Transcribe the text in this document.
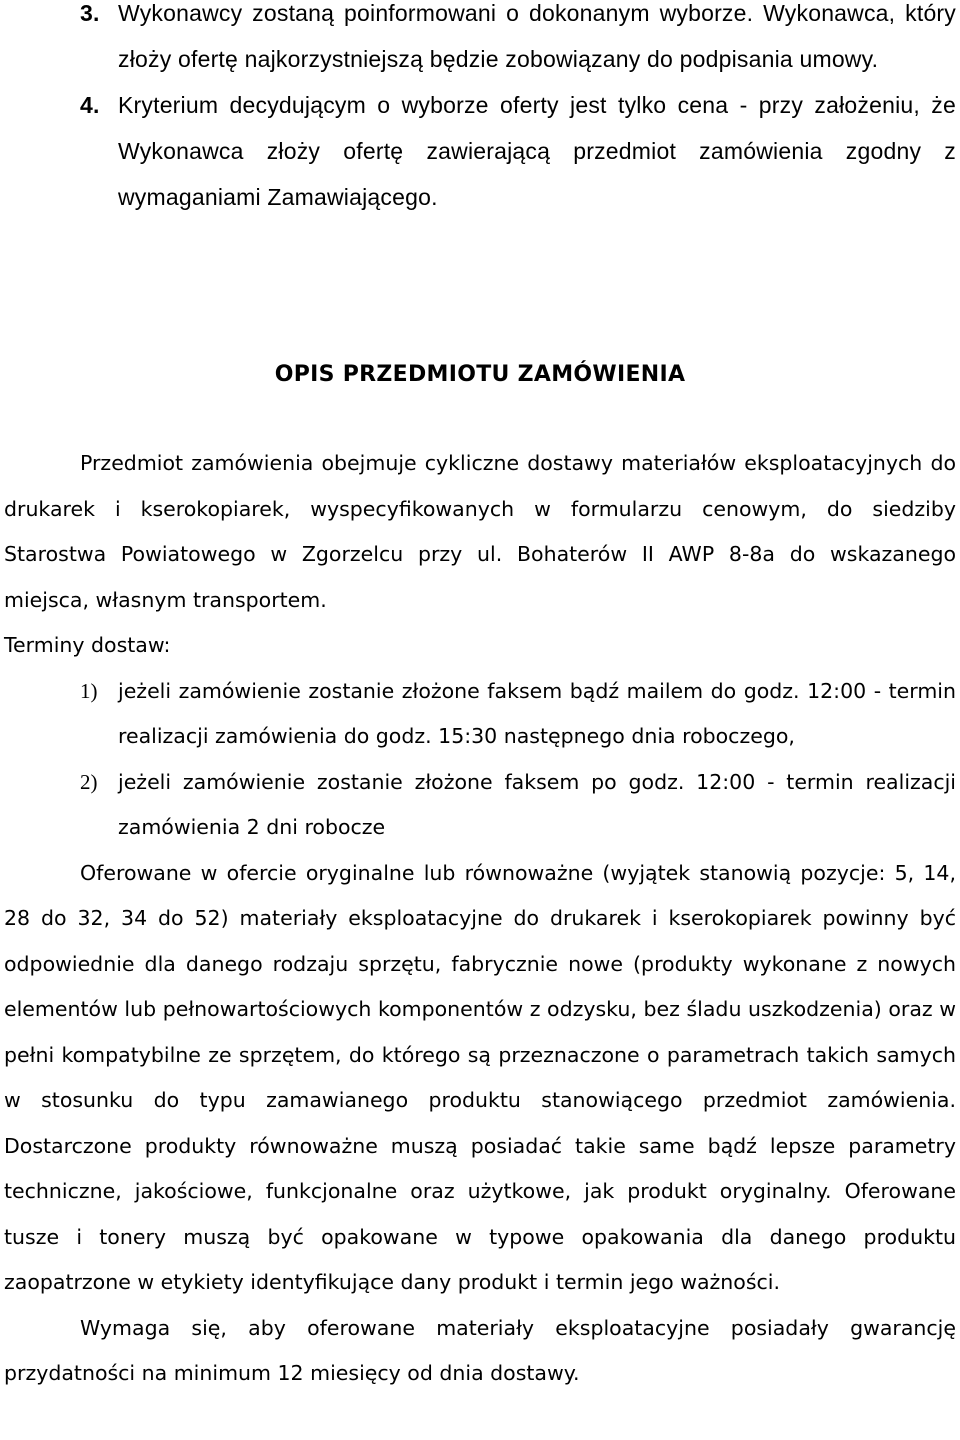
3. Wykonawcy zostaną poinformowani o dokonanym wyborze. Wykonawca, który złoży ofertę najkorzystniejszą będzie zobowiązany do podpisania umowy.
4. Kryterium decydującym o wyborze oferty jest tylko cena - przy założeniu, że Wykonawca złoży ofertę zawierającą przedmiot zamówienia zgodny z wymaganiami Zamawiającego.
OPIS PRZEDMIOTU ZAMÓWIENIA

Przedmiot zamówienia obejmuje cykliczne dostawy materiałów eksploatacyjnych do drukarek i kserokopiarek, wyspecyfikowanych w formularzu cenowym, do siedziby Starostwa Powiatowego w Zgorzelcu przy ul. Bohaterów II AWP 8-8a do wskazanego miejsca, własnym transportem.

Terminy dostaw:

1) jeżeli zamówienie zostanie złożone faksem bądź mailem do godz. 12:00 - termin realizacji zamówienia do godz. 15:30 następnego dnia roboczego,
2) jeżeli zamówienie zostanie złożone faksem po godz. 12:00 - termin realizacji zamówienia 2 dni robocze

Oferowane w ofercie oryginalne lub równoważne (wyjątek stanowią pozycje: 5, 14, 28 do 32, 34 do 52) materiały eksploatacyjne do drukarek i kserokopiarek powinny być odpowiednie dla danego rodzaju sprzętu, fabrycznie nowe (produkty wykonane z nowych elementów lub pełnowartościowych komponentów z odzysku, bez śladu uszkodzenia) oraz w pełni kompatybilne ze sprzętem, do którego są przeznaczone o parametrach takich samych w stosunku do typu zamawianego produktu stanowiącego przedmiot zamówienia. Dostarczone produkty równoważne muszą posiadać takie same bądź lepsze parametry techniczne, jakościowe, funkcjonalne oraz użytkowe, jak produkt oryginalny. Oferowane tusze i tonery muszą być opakowane w typowe opakowania dla danego produktu zaopatrzone w etykiety identyfikujące dany produkt i termin jego ważności.

Wymaga się, aby oferowane materiały eksploatacyjne posiadały gwarancję przydatności na minimum 12 miesięcy od dnia dostawy.
